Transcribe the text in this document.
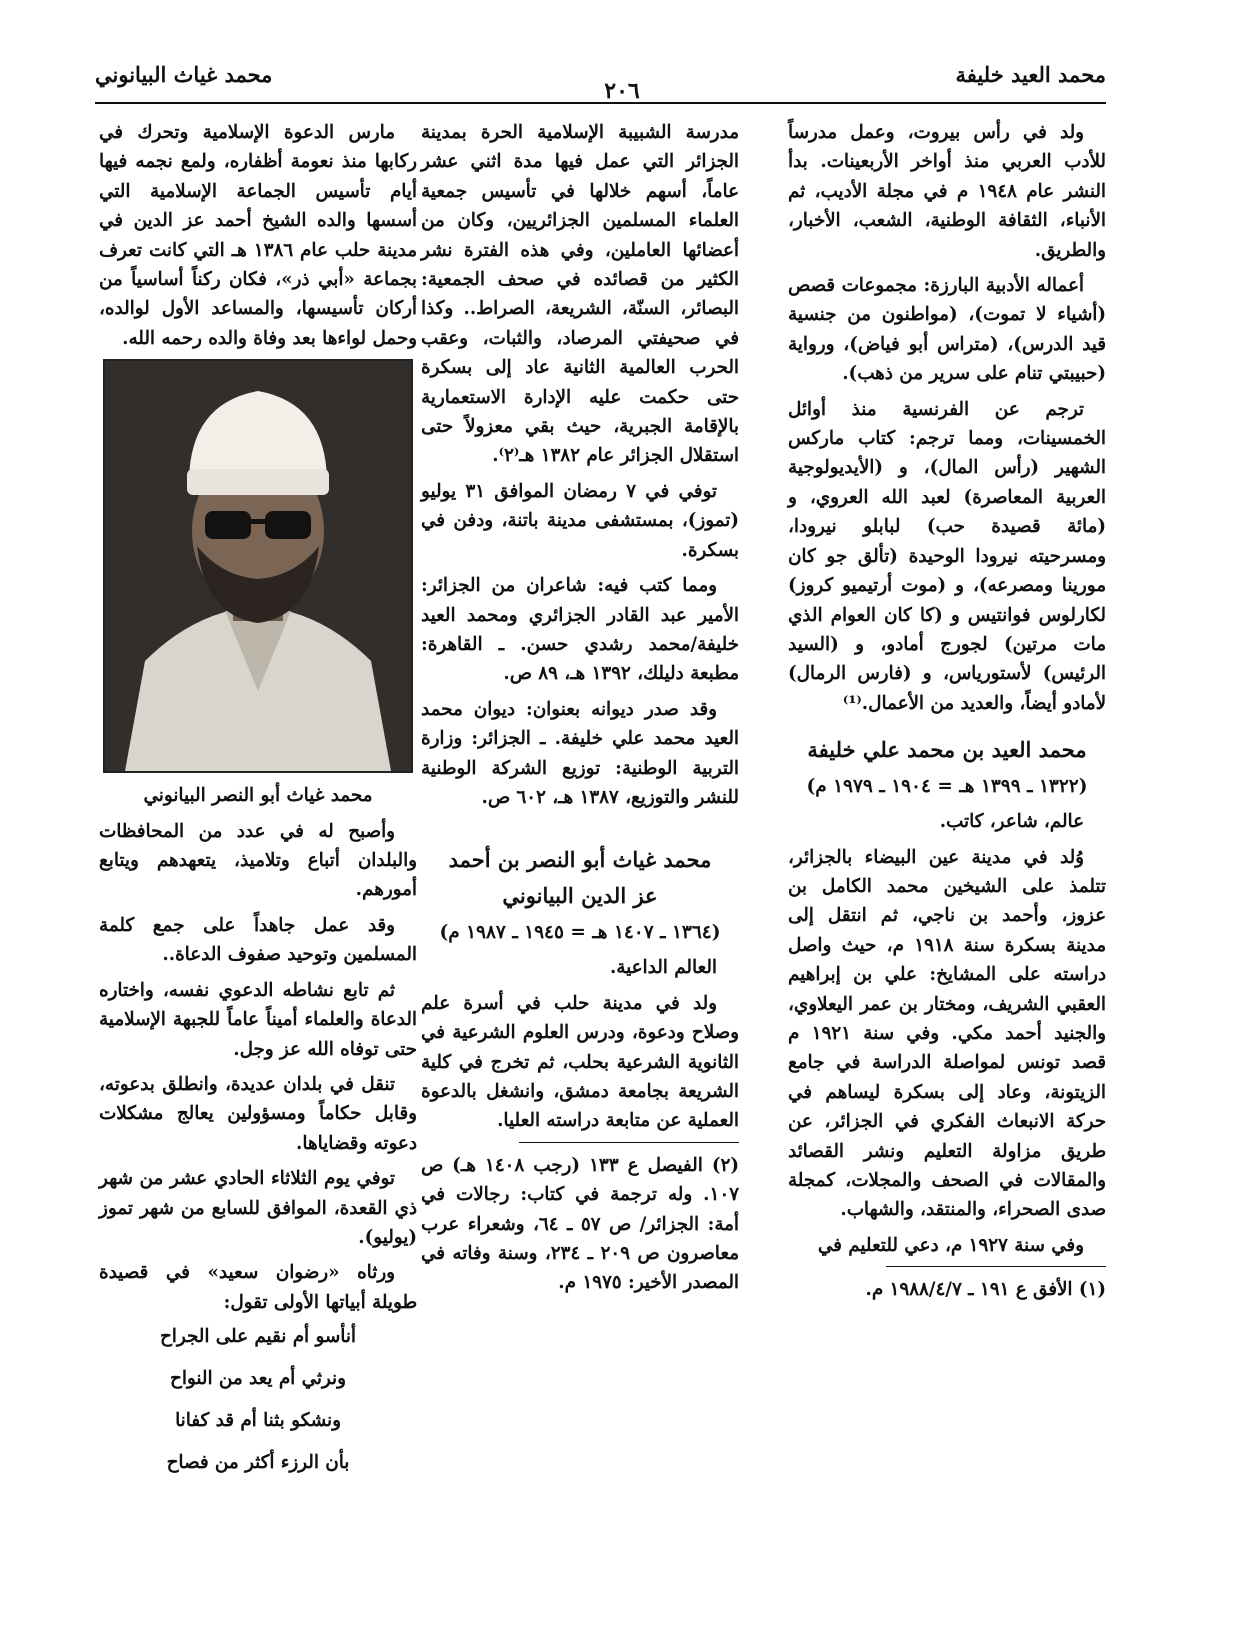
محمد العيد خليفة
٢٠٦
محمد غياث البيانوني

ولد في رأس بيروت، وعمل مدرساً للأدب العربي منذ أواخر الأربعينات. بدأ النشر عام ١٩٤٨ م في مجلة الأديب، ثم الأنباء، الثقافة الوطنية، الشعب، الأخبار، والطريق.

أعماله الأدبية البارزة: مجموعات قصص (أشياء لا تموت)، (مواطنون من جنسية قيد الدرس)، (متراس أبو فياض)، ورواية (حبيبتي تنام على سرير من ذهب).

ترجم عن الفرنسية منذ أوائل الخمسينات، ومما ترجم: كتاب ماركس الشهير (رأس المال)، و (الأيديولوجية العربية المعاصرة) لعبد الله العروي، و (مائة قصيدة حب) لبابلو نيرودا، ومسرحيته نيرودا الوحيدة (تألق جو كان مورينا ومصرعه)، و (موت أرتيميو كروز) لكارلوس فوانتيس و (كا كان العوام الذي مات مرتين) لجورج أمادو، و (السيد الرئيس) لأستورياس، و (فارس الرمال) لأمادو أيضاً، والعديد من الأعمال.⁽¹⁾

محمد العيد بن محمد علي خليفة
(١٣٢٢ ـ ١٣٩٩ هـ = ١٩٠٤ ـ ١٩٧٩ م)

عالم، شاعر، كاتب.

وُلد في مدينة عين البيضاء بالجزائر، تتلمذ على الشيخين محمد الكامل بن عزوز، وأحمد بن ناجي، ثم انتقل إلى مدينة بسكرة سنة ١٩١٨ م، حيث واصل دراسته على المشايخ: علي بن إبراهيم العقبي الشريف، ومختار بن عمر اليعلاوي، والجنيد أحمد مكي. وفي سنة ١٩٢١ م قصد تونس لمواصلة الدراسة في جامع الزيتونة، وعاد إلى بسكرة ليساهم في حركة الانبعاث الفكري في الجزائر، عن طريق مزاولة التعليم ونشر القصائد والمقالات في الصحف والمجلات، كمجلة صدى الصحراء، والمنتقد، والشهاب.

وفي سنة ١٩٢٧ م، دعي للتعليم في

(١) الأفق ع ١٩١ ـ ١٩٨٨/٤/٧ م.

مدرسة الشبيبة الإسلامية الحرة بمدينة الجزائر التي عمل فيها مدة اثني عشر عاماً، أسهم خلالها في تأسيس جمعية العلماء المسلمين الجزائريين، وكان من أعضائها العاملين، وفي هذه الفترة نشر الكثير من قصائده في صحف الجمعية: البصائر، السنّة، الشريعة، الصراط.. وكذا في صحيفتي المرصاد، والثبات، وعقب الحرب العالمية الثانية عاد إلى بسكرة حتى حكمت عليه الإدارة الاستعمارية بالإقامة الجبرية، حيث بقي معزولاً حتى استقلال الجزائر عام ١٣٨٢ هـ⁽٢⁾.

توفي في ٧ رمضان الموافق ٣١ يوليو (تموز)، بمستشفى مدينة باتنة، ودفن في بسكرة.

ومما كتب فيه: شاعران من الجزائر: الأمير عبد القادر الجزائري ومحمد العيد خليفة/محمد رشدي حسن. ـ القاهرة: مطبعة دليلك، ١٣٩٢ هـ، ٨٩ ص.

وقد صدر ديوانه بعنوان: ديوان محمد العيد محمد علي خليفة. ـ الجزائر: وزارة التربية الوطنية: توزيع الشركة الوطنية للنشر والتوزيع، ١٣٨٧ هـ، ٦٠٢ ص.

محمد غياث أبو النصر بن أحمد
عز الدين البيانوني
(١٣٦٤ ـ ١٤٠٧ هـ = ١٩٤٥ ـ ١٩٨٧ م)

العالم الداعية.

ولد في مدينة حلب في أسرة علم وصلاح ودعوة، ودرس العلوم الشرعية في الثانوية الشرعية بحلب، ثم تخرج في كلية الشريعة بجامعة دمشق، وانشغل بالدعوة العملية عن متابعة دراسته العليا.

(٢) الفيصل ع ١٣٣ (رجب ١٤٠٨ هـ) ص ١٠٧. وله ترجمة في كتاب: رجالات في أمة: الجزائر/ ص ٥٧ ـ ٦٤، وشعراء عرب معاصرون ص ٢٠٩ ـ ٢٣٤، وسنة وفاته في المصدر الأخير: ١٩٧٥ م.

مارس الدعوة الإسلامية وتحرك في ركابها منذ نعومة أظفاره، ولمع نجمه فيها أيام تأسيس الجماعة الإسلامية التي أسسها والده الشيخ أحمد عز الدين في مدينة حلب عام ١٣٨٦ هـ التي كانت تعرف بجماعة «أبي ذر»، فكان ركناً أساسياً من أركان تأسيسها، والمساعد الأول لوالده، وحمل لواءها بعد وفاة والده رحمه الله.

محمد غياث أبو النصر البيانوني

وأصبح له في عدد من المحافظات والبلدان أتباع وتلاميذ، يتعهدهم ويتابع أمورهم.

وقد عمل جاهداً على جمع كلمة المسلمين وتوحيد صفوف الدعاة..

ثم تابع نشاطه الدعوي نفسه، واختاره الدعاة والعلماء أميناً عاماً للجبهة الإسلامية حتى توفاه الله عز وجل.

تنقل في بلدان عديدة، وانطلق بدعوته، وقابل حكاماً ومسؤولين يعالج مشكلات دعوته وقضاياها.

توفي يوم الثلاثاء الحادي عشر من شهر ذي القعدة، الموافق للسابع من شهر تموز (يوليو).

ورثاه «رضوان سعيد» في قصيدة طويلة أبياتها الأولى تقول:

أنأسو أم نقيم على الجراح

ونرثي أم يعد من النواح

ونشكو بثنا أم قد كفانا

بأن الرزء أكثر من فصاح
